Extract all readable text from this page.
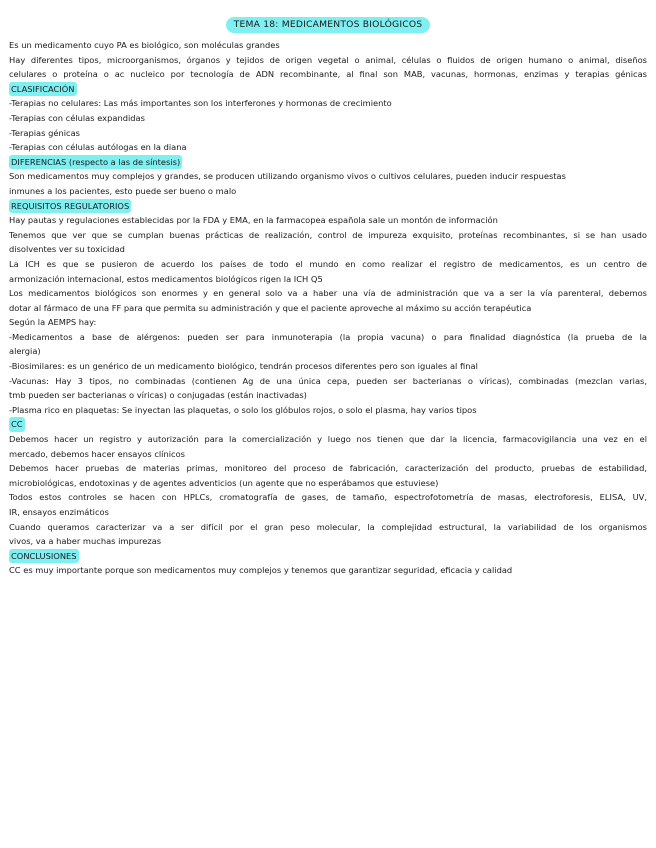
TEMA 18: MEDICAMENTOS BIOLÓGICOS

Es un medicamento cuyo PA es biológico, son moléculas grandes

Hay diferentes tipos, microorganismos, órganos y tejidos de origen vegetal o animal, células o fluidos de origen humano o animal, diseños

celulares o proteína o ac nucleico por tecnología de ADN recombinante, al final son MAB, vacunas, hormonas, enzimas y terapias génicas

CLASIFICACIÓN

-Terapias no celulares: Las más importantes son los interferones y hormonas de crecimiento

-Terapias con células expandidas

-Terapias génicas

-Terapias con células autólogas en la diana

DIFERENCIAS (respecto a las de síntesis)

Son medicamentos muy complejos y grandes, se producen utilizando organismo vivos o cultivos celulares, pueden inducir respuestas

inmunes a los pacientes, esto puede ser bueno o malo

REQUISITOS REGULATORIOS

Hay pautas y regulaciones establecidas por la FDA y EMA, en la farmacopea española sale un montón de información

Tenemos que ver que se cumplan buenas prácticas de realización, control de impureza exquisito, proteínas recombinantes, si se han usado

disolventes ver su toxicidad

La ICH es que se pusieron de acuerdo los países de todo el mundo en como realizar el registro de medicamentos, es un centro de

armonización internacional, estos medicamentos biológicos rigen la ICH Q5

Los medicamentos biológicos son enormes y en general solo va a haber una vía de administración que va a ser la vía parenteral, debemos

dotar al fármaco de una FF para que permita su administración y que el paciente aproveche al máximo su acción terapéutica

Según la AEMPS hay:

-Medicamentos a base de alérgenos: pueden ser para inmunoterapia (la propia vacuna) o para finalidad diagnóstica (la prueba de la

alergia)

-Biosimilares: es un genérico de un medicamento biológico, tendrán procesos diferentes pero son iguales al final

-Vacunas: Hay 3 tipos, no combinadas (contienen Ag de una única cepa, pueden ser bacterianas o víricas), combinadas (mezclan varias,

tmb pueden ser bacterianas o víricas) o conjugadas (están inactivadas)

-Plasma rico en plaquetas: Se inyectan las plaquetas, o solo los glóbulos rojos, o solo el plasma, hay varios tipos

CC

Debemos hacer un registro y autorización para la comercialización y luego nos tienen que dar la licencia, farmacovigilancia una vez en el

mercado, debemos hacer ensayos clínicos

Debemos hacer pruebas de materias primas, monitoreo del proceso de fabricación, caracterización del producto, pruebas de estabilidad,

microbiológicas, endotoxinas y de agentes adventicios (un agente que no esperábamos que estuviese)

Todos estos controles se hacen con HPLCs, cromatografía de gases, de tamaño, espectrofotometría de masas, electroforesis, ELISA, UV,

IR, ensayos enzimáticos

Cuando queramos caracterizar va a ser difícil por el gran peso molecular, la complejidad estructural, la variabilidad de los organismos

vivos, va a haber muchas impurezas

CONCLUSIONES

CC es muy importante porque son medicamentos muy complejos y tenemos que garantizar seguridad, eficacia y calidad
